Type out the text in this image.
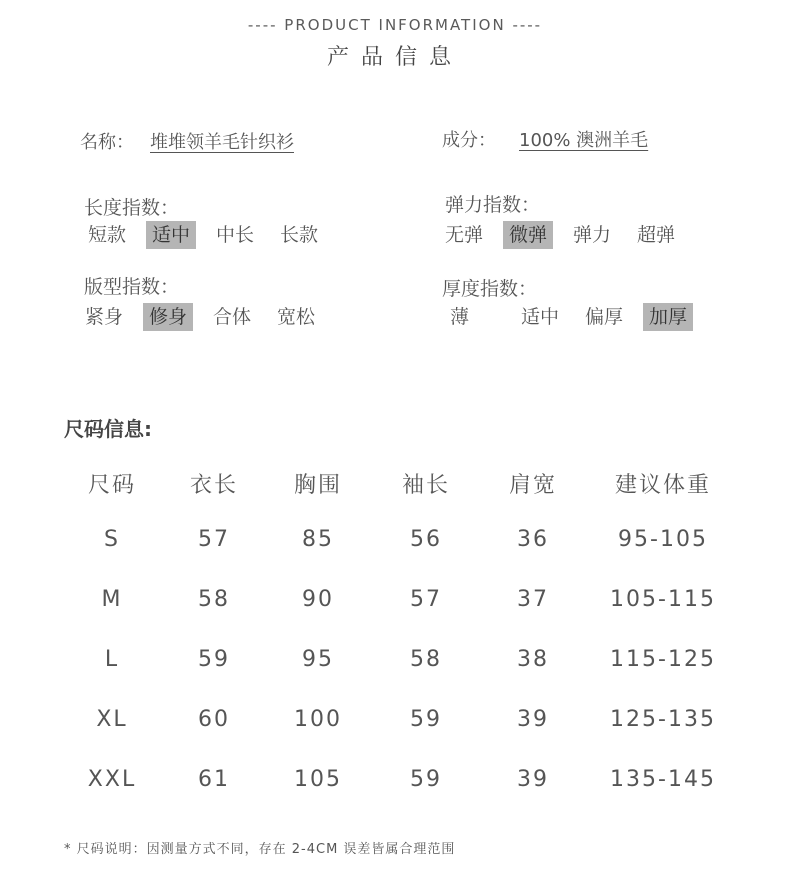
---- PRODUCT INFORMATION ----
产品信息
名称： 堆堆领羊毛针织衫	成分： 100% 澳洲羊毛
长度指数：
短款	适中	中长	长款
弹力指数：
无弹	微弹	弹力	超弹
版型指数：
紧身	修身	合体	宽松
厚度指数：
薄	适中	偏厚	加厚
尺码信息:
尺码	衣长	胸围	袖长	肩宽	建议体重
S	57	85	56	36	95-105
M	58	90	57	37	105-115
L	59	95	58	38	115-125
XL	60	100	59	39	125-135
XXL	61	105	59	39	135-145
* 尺码说明：因测量方式不同，存在 2-4CM 误差皆属合理范围
